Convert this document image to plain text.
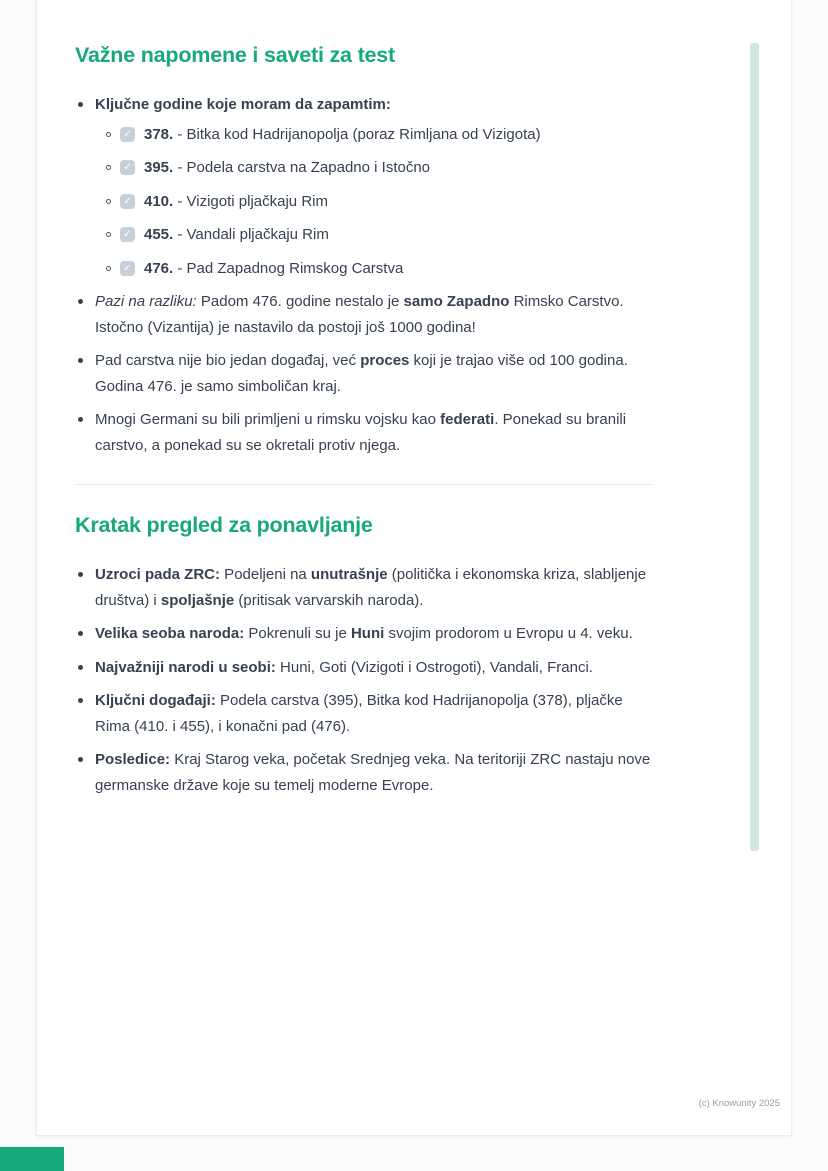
Važne napomene i saveti za test
Ključne godine koje moram da zapamtim:
✓ 378. - Bitka kod Hadrijanopolja (poraz Rimljana od Vizigota)
✓ 395. - Podela carstva na Zapadno i Istočno
✓ 410. - Vizigoti pljačkaju Rim
✓ 455. - Vandali pljačkaju Rim
✓ 476. - Pad Zapadnog Rimskog Carstva
Pazi na razliku: Padom 476. godine nestalo je samo Zapadno Rimsko Carstvo. Istočno (Vizantija) je nastavilo da postoji još 1000 godina!
Pad carstva nije bio jedan događaj, već proces koji je trajao više od 100 godina. Godina 476. je samo simboličan kraj.
Mnogi Germani su bili primljeni u rimsku vojsku kao federati. Ponekad su branili carstvo, a ponekad su se okretali protiv njega.
Kratak pregled za ponavljanje
Uzroci pada ZRC: Podeljeni na unutrašnje (politička i ekonomska kriza, slabljenje društva) i spoljašnje (pritisak varvarskih naroda).
Velika seoba naroda: Pokrenuli su je Huni svojim prodorom u Evropu u 4. veku.
Najvažniji narodi u seobi: Huni, Goti (Vizigoti i Ostrogoti), Vandali, Franci.
Ključni događaji: Podela carstva (395), Bitka kod Hadrijanopolja (378), pljačke Rima (410. i 455), i konačni pad (476).
Posledice: Kraj Starog veka, početak Srednjeg veka. Na teritoriji ZRC nastaju nove germanske države koje su temelj moderne Evrope.
(c) Knowunity 2025
